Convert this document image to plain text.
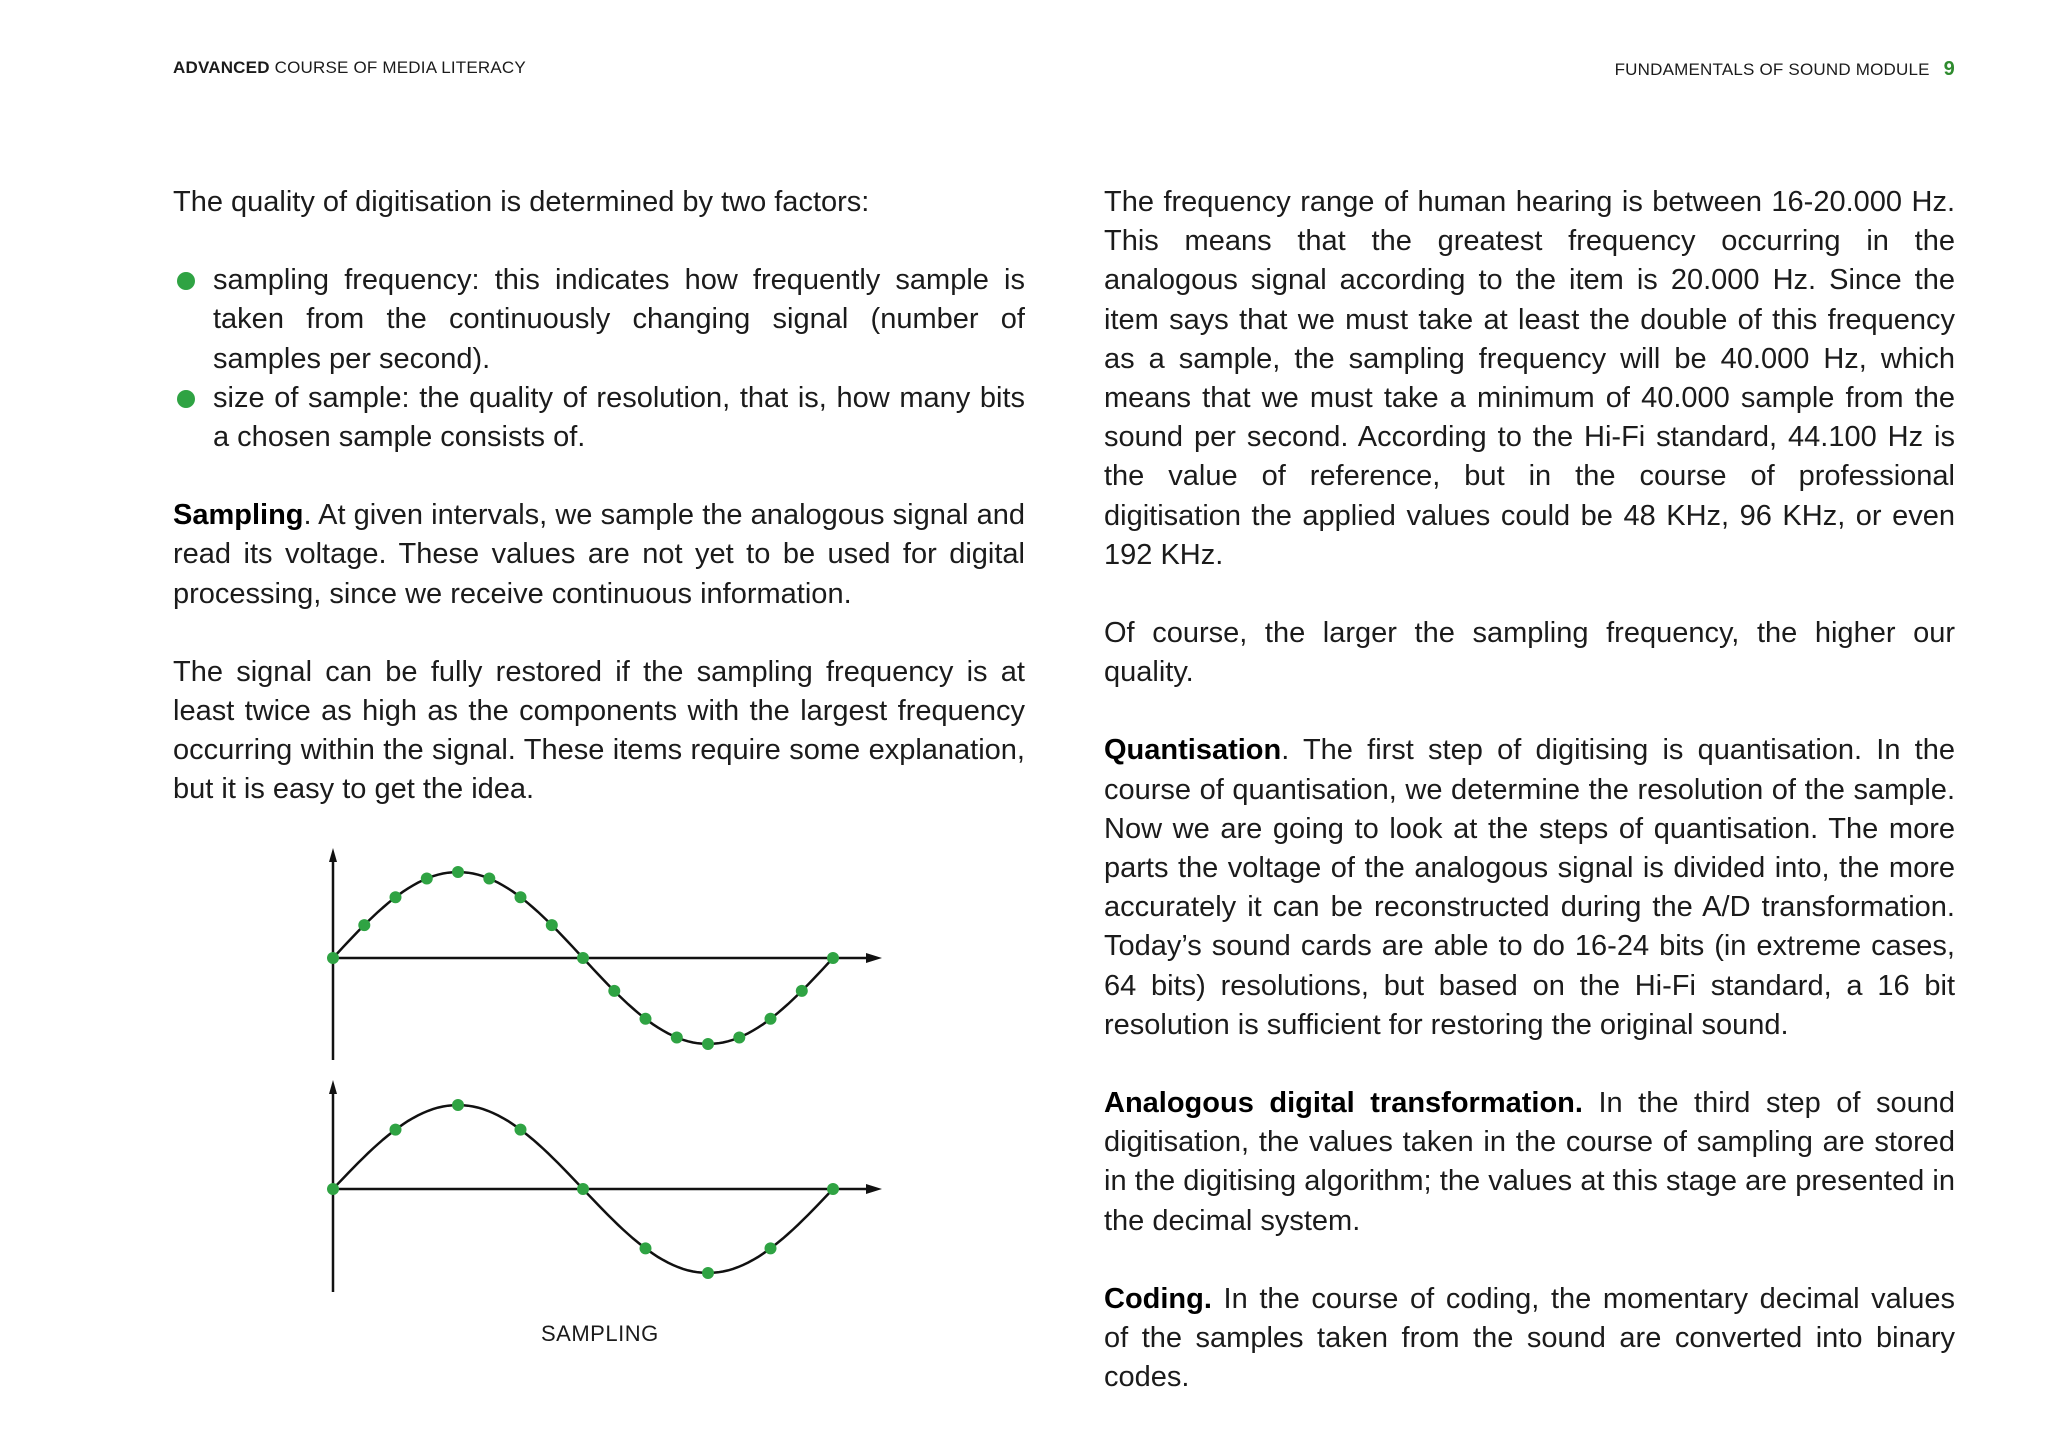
ADVANCED COURSE OF MEDIA LITERACY	FUNDAMENTALS OF SOUND MODULE 9

The quality of digitisation is determined by two factors:

sampling frequency: this indicates how frequently sample is taken from the continuously changing signal (number of samples per second).
size of sample: the quality of resolution, that is, how many bits a chosen sample consists of.

Sampling. At given intervals, we sample the analogous signal and read its voltage. These values are not yet to be used for digital processing, since we receive continuous information.

The signal can be fully restored if the sampling frequency is at least twice as high as the components with the largest frequency occurring within the signal. These items require some explanation, but it is easy to get the idea.

SAMPLING

The frequency range of human hearing is between 16-20.000 Hz. This means that the greatest frequency occurring in the analogous signal according to the item is 20.000 Hz. Since the item says that we must take at least the double of this frequency as a sample, the sampling frequency will be 40.000 Hz, which means that we must take a minimum of 40.000 sample from the sound per second. According to the Hi-Fi standard, 44.100 Hz is the value of reference, but in the course of professional digitisation the applied values could be 48 KHz, 96 KHz, or even 192 KHz.

Of course, the larger the sampling frequency, the higher our quality.

Quantisation. The first step of digitising is quantisation. In the course of quantisation, we determine the resolution of the sample. Now we are going to look at the steps of quantisation. The more parts the voltage of the analogous signal is divided into, the more accurately it can be reconstructed during the A/D transformation. Today’s sound cards are able to do 16-24 bits (in extreme cases, 64 bits) resolutions, but based on the Hi-Fi standard, a 16 bit resolution is sufficient for restoring the original sound.

Analogous digital transformation. In the third step of sound digitisation, the values taken in the course of sampling are stored in the digitising algorithm; the values at this stage are presented in the decimal system.

Coding. In the course of coding, the momentary decimal values of the samples taken from the sound are converted into binary codes.
